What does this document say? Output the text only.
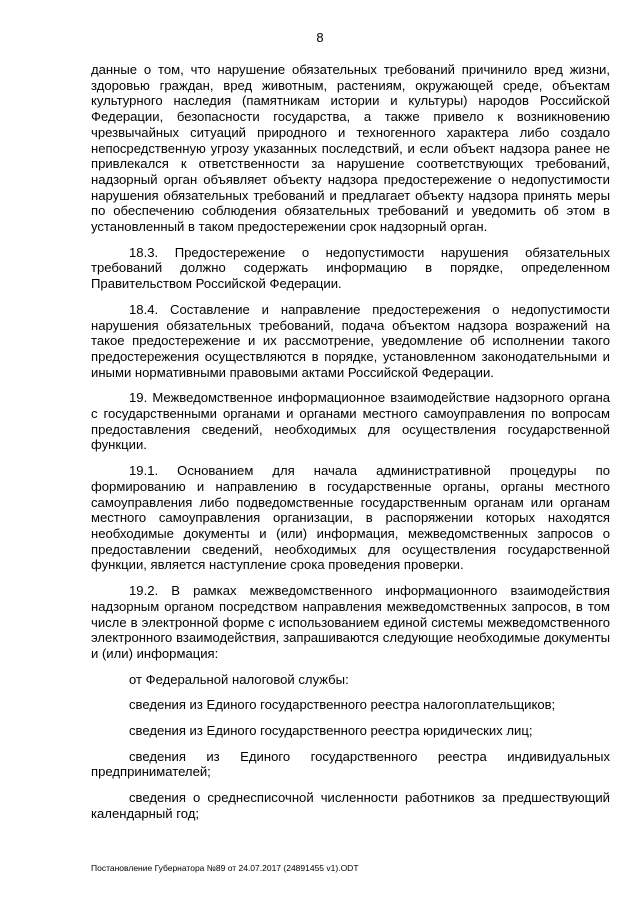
8

данные о том, что нарушение обязательных требований причинило вред жизни, здоровью граждан, вред животным, растениям, окружающей среде, объектам культурного наследия (памятникам истории и культуры) народов Российской Федерации, безопасности государства, а также привело к возникновению чрезвычайных ситуаций природного и техногенного характера либо создало непосредственную угрозу указанных последствий, и если объект надзора ранее не привлекался к ответственности за нарушение соответствующих требований, надзорный орган объявляет объекту надзора предостережение о недопустимости нарушения обязательных требований и предлагает объекту надзора принять меры по обеспечению соблюдения обязательных требований и уведомить об этом в установленный в таком предостережении срок надзорный орган.

18.3. Предостережение о недопустимости нарушения обязательных требований должно содержать информацию в порядке, определенном Правительством Российской Федерации.

18.4. Составление и направление предостережения о недопустимости нарушения обязательных требований, подача объектом надзора возражений на такое предостережение и их рассмотрение, уведомление об исполнении такого предостережения осуществляются в порядке, установленном законодательными и иными нормативными правовыми актами Российской Федерации.

19. Межведомственное информационное взаимодействие надзорного органа с государственными органами и органами местного самоуправления по вопросам предоставления сведений, необходимых для осуществления государственной функции.

19.1. Основанием для начала административной процедуры по формированию и направлению в государственные органы, органы местного самоуправления либо подведомственные государственным органам или органам местного самоуправления организации, в распоряжении которых находятся необходимые документы и (или) информация, межведомственных запросов о предоставлении сведений, необходимых для осуществления государственной функции, является наступление срока проведения проверки.

19.2. В рамках межведомственного информационного взаимодействия надзорным органом посредством направления межведомственных запросов, в том числе в электронной форме с использованием единой системы межведомственного электронного взаимодействия, запрашиваются следующие необходимые документы и (или) информация:

от Федеральной налоговой службы:

сведения из Единого государственного реестра налогоплательщиков;

сведения из Единого государственного реестра юридических лиц;

сведения из Единого государственного реестра индивидуальных предпринимателей;

сведения о среднесписочной численности работников за предшествующий календарный год;

Постановление Губернатора №89 от 24.07.2017 (24891455 v1).ODT
